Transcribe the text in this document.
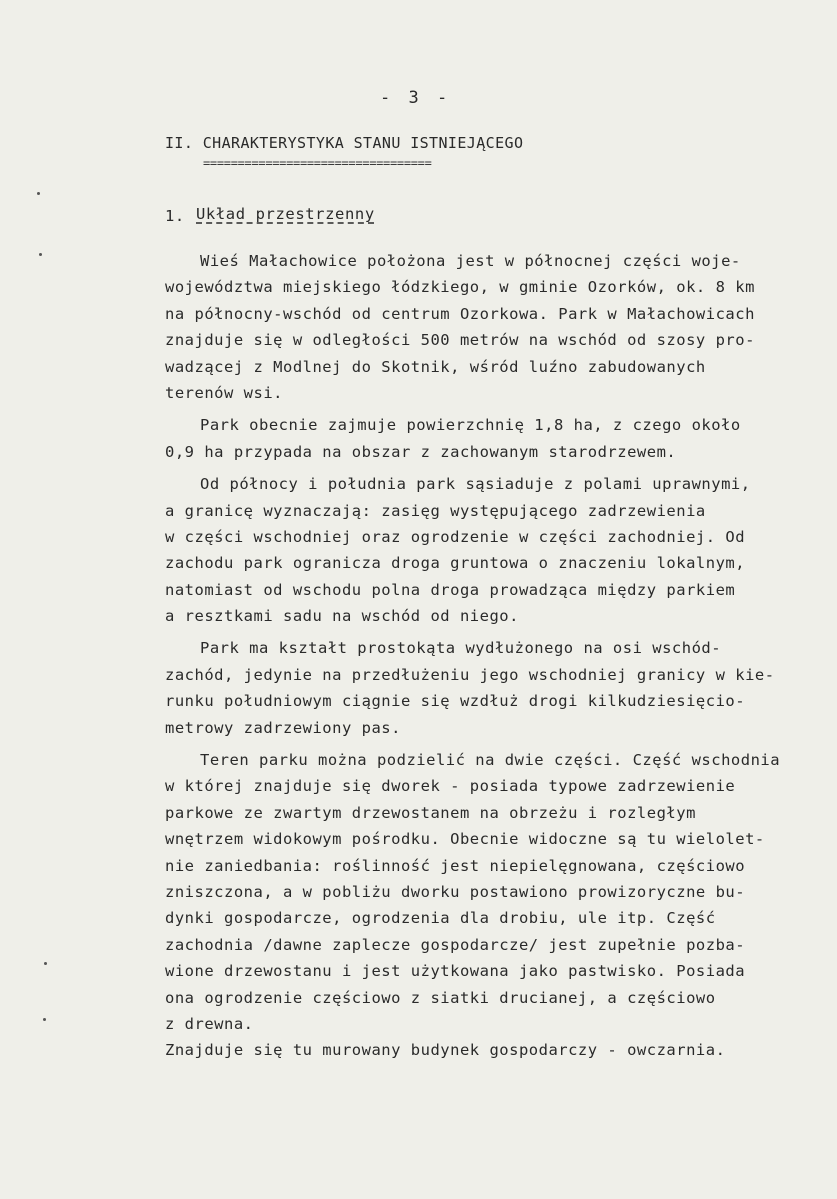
- 3 -
II. CHARAKTERYSTYKA STANU ISTNIEJĄCEGO
=================================
1. Układ przestrzenny
Wieś Małachowice położona jest w północnej części woje-
województwa miejskiego łódzkiego, w gminie Ozorków, ok. 8 km
na północny-wschód od centrum Ozorkowa. Park w Małachowicach
znajduje się w odległości 500 metrów na wschód od szosy pro-
wadzącej z Modlnej do Skotnik, wśród luźno zabudowanych
terenów wsi.
Park obecnie zajmuje powierzchnię 1,8 ha, z czego około
0,9 ha przypada na obszar z zachowanym starodrzewem.
Od północy i południa park sąsiaduje z polami uprawnymi,
a granicę wyznaczają: zasięg występującego zadrzewienia
w części wschodniej oraz ogrodzenie w części zachodniej. Od
zachodu park ogranicza droga gruntowa o znaczeniu lokalnym,
natomiast od wschodu polna droga prowadząca między parkiem
a resztkami sadu na wschód od niego.
Park ma kształt prostokąta wydłużonego na osi wschód-
zachód, jedynie na przedłużeniu jego wschodniej granicy w kie-
runku południowym ciągnie się wzdłuż drogi kilkudziesięcio-
metrowy zadrzewiony pas.
Teren parku można podzielić na dwie części. Część wschodnia
w której znajduje się dworek - posiada typowe zadrzewienie
parkowe ze zwartym drzewostanem na obrzeżu i rozległym
wnętrzem widokowym pośrodku. Obecnie widoczne są tu wielolet-
nie zaniedbania: roślinność jest niepielęgnowana, częściowo
zniszczona, a w pobliżu dworku postawiono prowizoryczne bu-
dynki gospodarcze, ogrodzenia dla drobiu, ule itp. Część
zachodnia /dawne zaplecze gospodarcze/ jest zupełnie pozba-
wione drzewostanu i jest użytkowana jako pastwisko. Posiada
ona ogrodzenie częściowo z siatki drucianej, a częściowo
z drewna.
Znajduje się tu murowany budynek gospodarczy - owczarnia.
